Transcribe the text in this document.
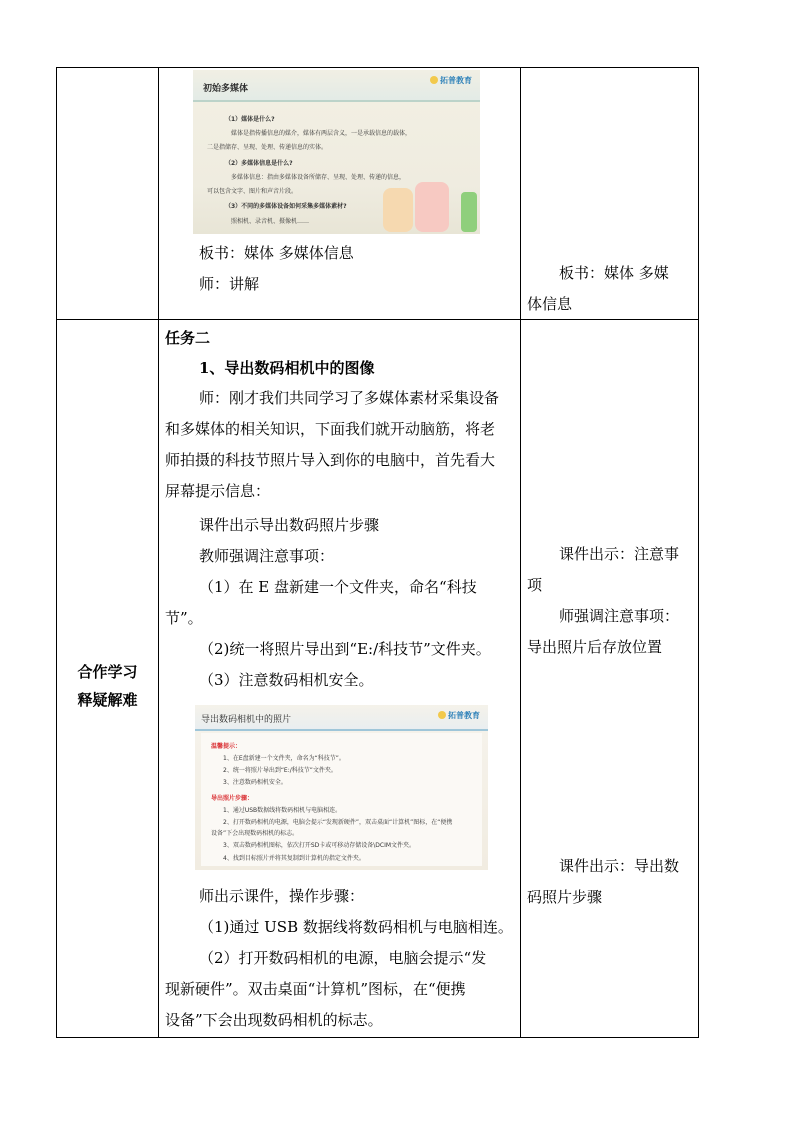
初始多媒体
拓普教育
（1）媒体是什么?
媒体是指传播信息的媒介，媒体有两层含义，一是承载信息的载体，
二是指储存、呈现、处理、传递信息的实体。
（2）多媒体信息是什么?
多媒体信息：指由多媒体设备所储存、呈现、处理、传递的信息，
可以包含文字、图片和声音片段。
（3）不同的多媒体设备如何采集多媒体素材?
照相机、录音机、摄像机……
板书：媒体 多媒体信息
师：讲解
板书：媒体 多媒
体信息
合作学习
释疑解难
任务二
1、导出数码相机中的图像
师：刚才我们共同学习了多媒体素材采集设备
和多媒体的相关知识，下面我们就开动脑筋，将老
师拍摄的科技节照片导入到你的电脑中，首先看大
屏幕提示信息：
课件出示导出数码照片步骤
教师强调注意事项：
（1）在 E 盘新建一个文件夹，命名“科技
节”。
（2)统一将照片导出到“E:/科技节”文件夹。
（3）注意数码相机安全。
导出数码相机中的照片	拓普教育
温馨提示：
1、在E盘新建一个文件夹，命名为“科技节”。
2、统一将照片导出到“E:/科技节”文件夹。
3、注意数码相机安全。
导出照片步骤：
1、通过USB数据线将数码相机与电脑相连。
2、打开数码相机的电源，电脑会提示“发现新硬件”，双击桌面“计算机”图标，在“便携
设备”下会出现数码相机的标志。
3、双击数码相机图标，依次打开SD卡或可移动存储设备\DCIM文件夹。
4、找到目标照片并将其复制到计算机的指定文件夹。
师出示课件，操作步骤：
（1)通过 USB 数据线将数码相机与电脑相连。
（2）打开数码相机的电源，电脑会提示“发
现新硬件”。双击桌面“计算机”图标，在“便携
设备”下会出现数码相机的标志。
课件出示：注意事
项
师强调注意事项：
导出照片后存放位置
课件出示：导出数
码照片步骤
